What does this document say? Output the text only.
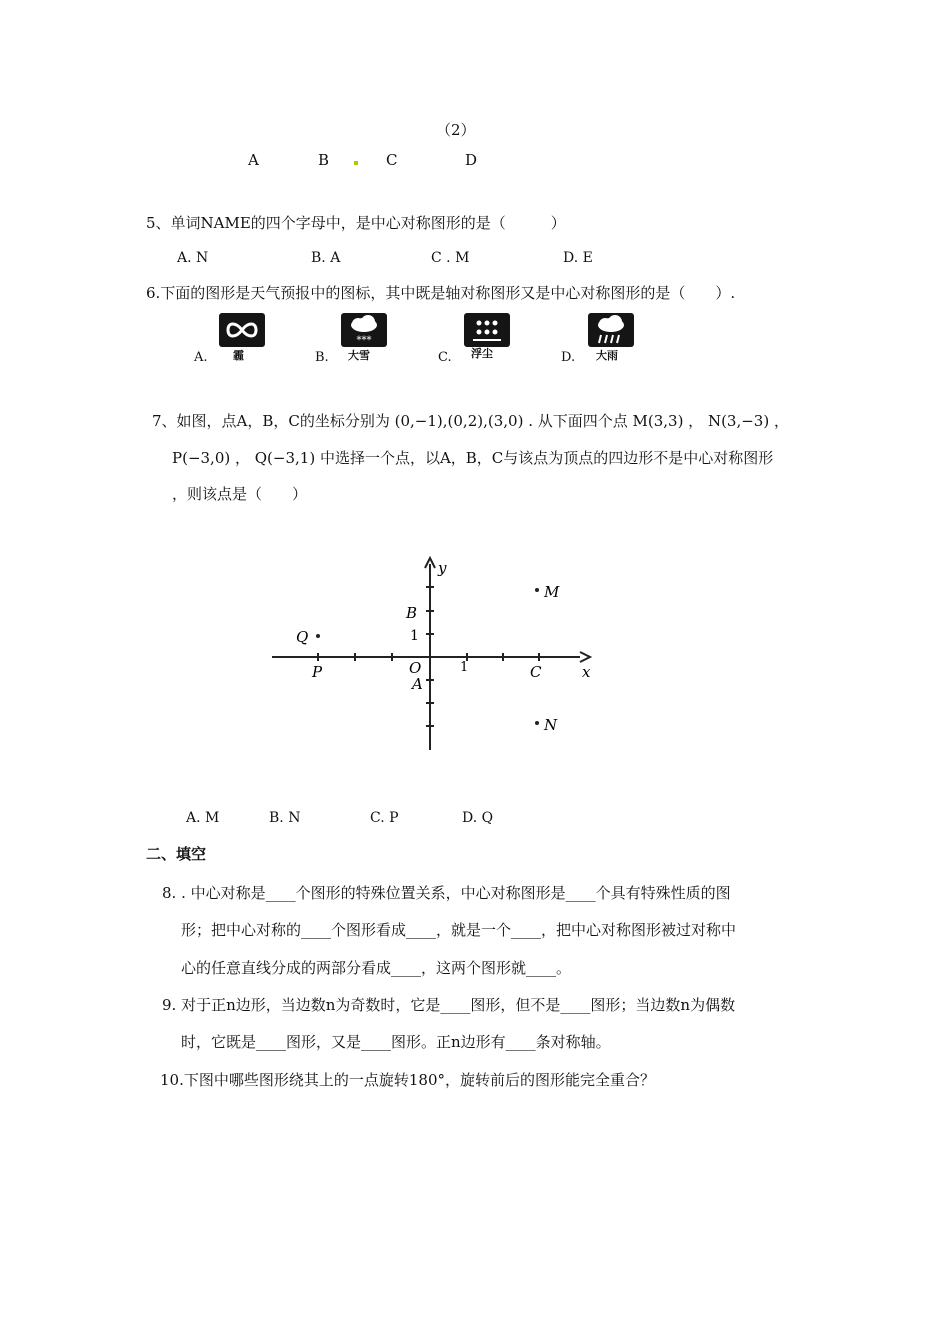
（2）
A	B	C	D
5、单词NAME的四个字母中，是中心对称图形的是（　　　）
A. N	B. A	C . M	D. E
6.下面的图形是天气预报中的图标，其中既是轴对称图形又是中心对称图形的是（　　）.
A. 霾	B.
***
大雪	C. 浮尘	D. 大雨
7、如图，点A，B，C的坐标分别为 (0,−1),(0,2),(3,0) . 从下面四个点 M(3,3) ， N(3,−3) ，
P(−3,0) ， Q(−3,1) 中选择一个点，以A，B，C与该点为顶点的四边形不是中心对称图形
，则该点是（　　）
y
x
B
1
Q
P	O	1	C
A
M
N
A. M	B. N	C. P	D. Q
二、填空
8. . 中心对称是____个图形的特殊位置关系，中心对称图形是____个具有特殊性质的图
形；把中心对称的____个图形看成____，就是一个____，把中心对称图形被过对称中
心的任意直线分成的两部分看成____，这两个图形就____。
9. 对于正n边形，当边数n为奇数时，它是____图形，但不是____图形；当边数n为偶数
时，它既是____图形，又是____图形。正n边形有____条对称轴。
10.下图中哪些图形绕其上的一点旋转180°，旋转前后的图形能完全重合？
